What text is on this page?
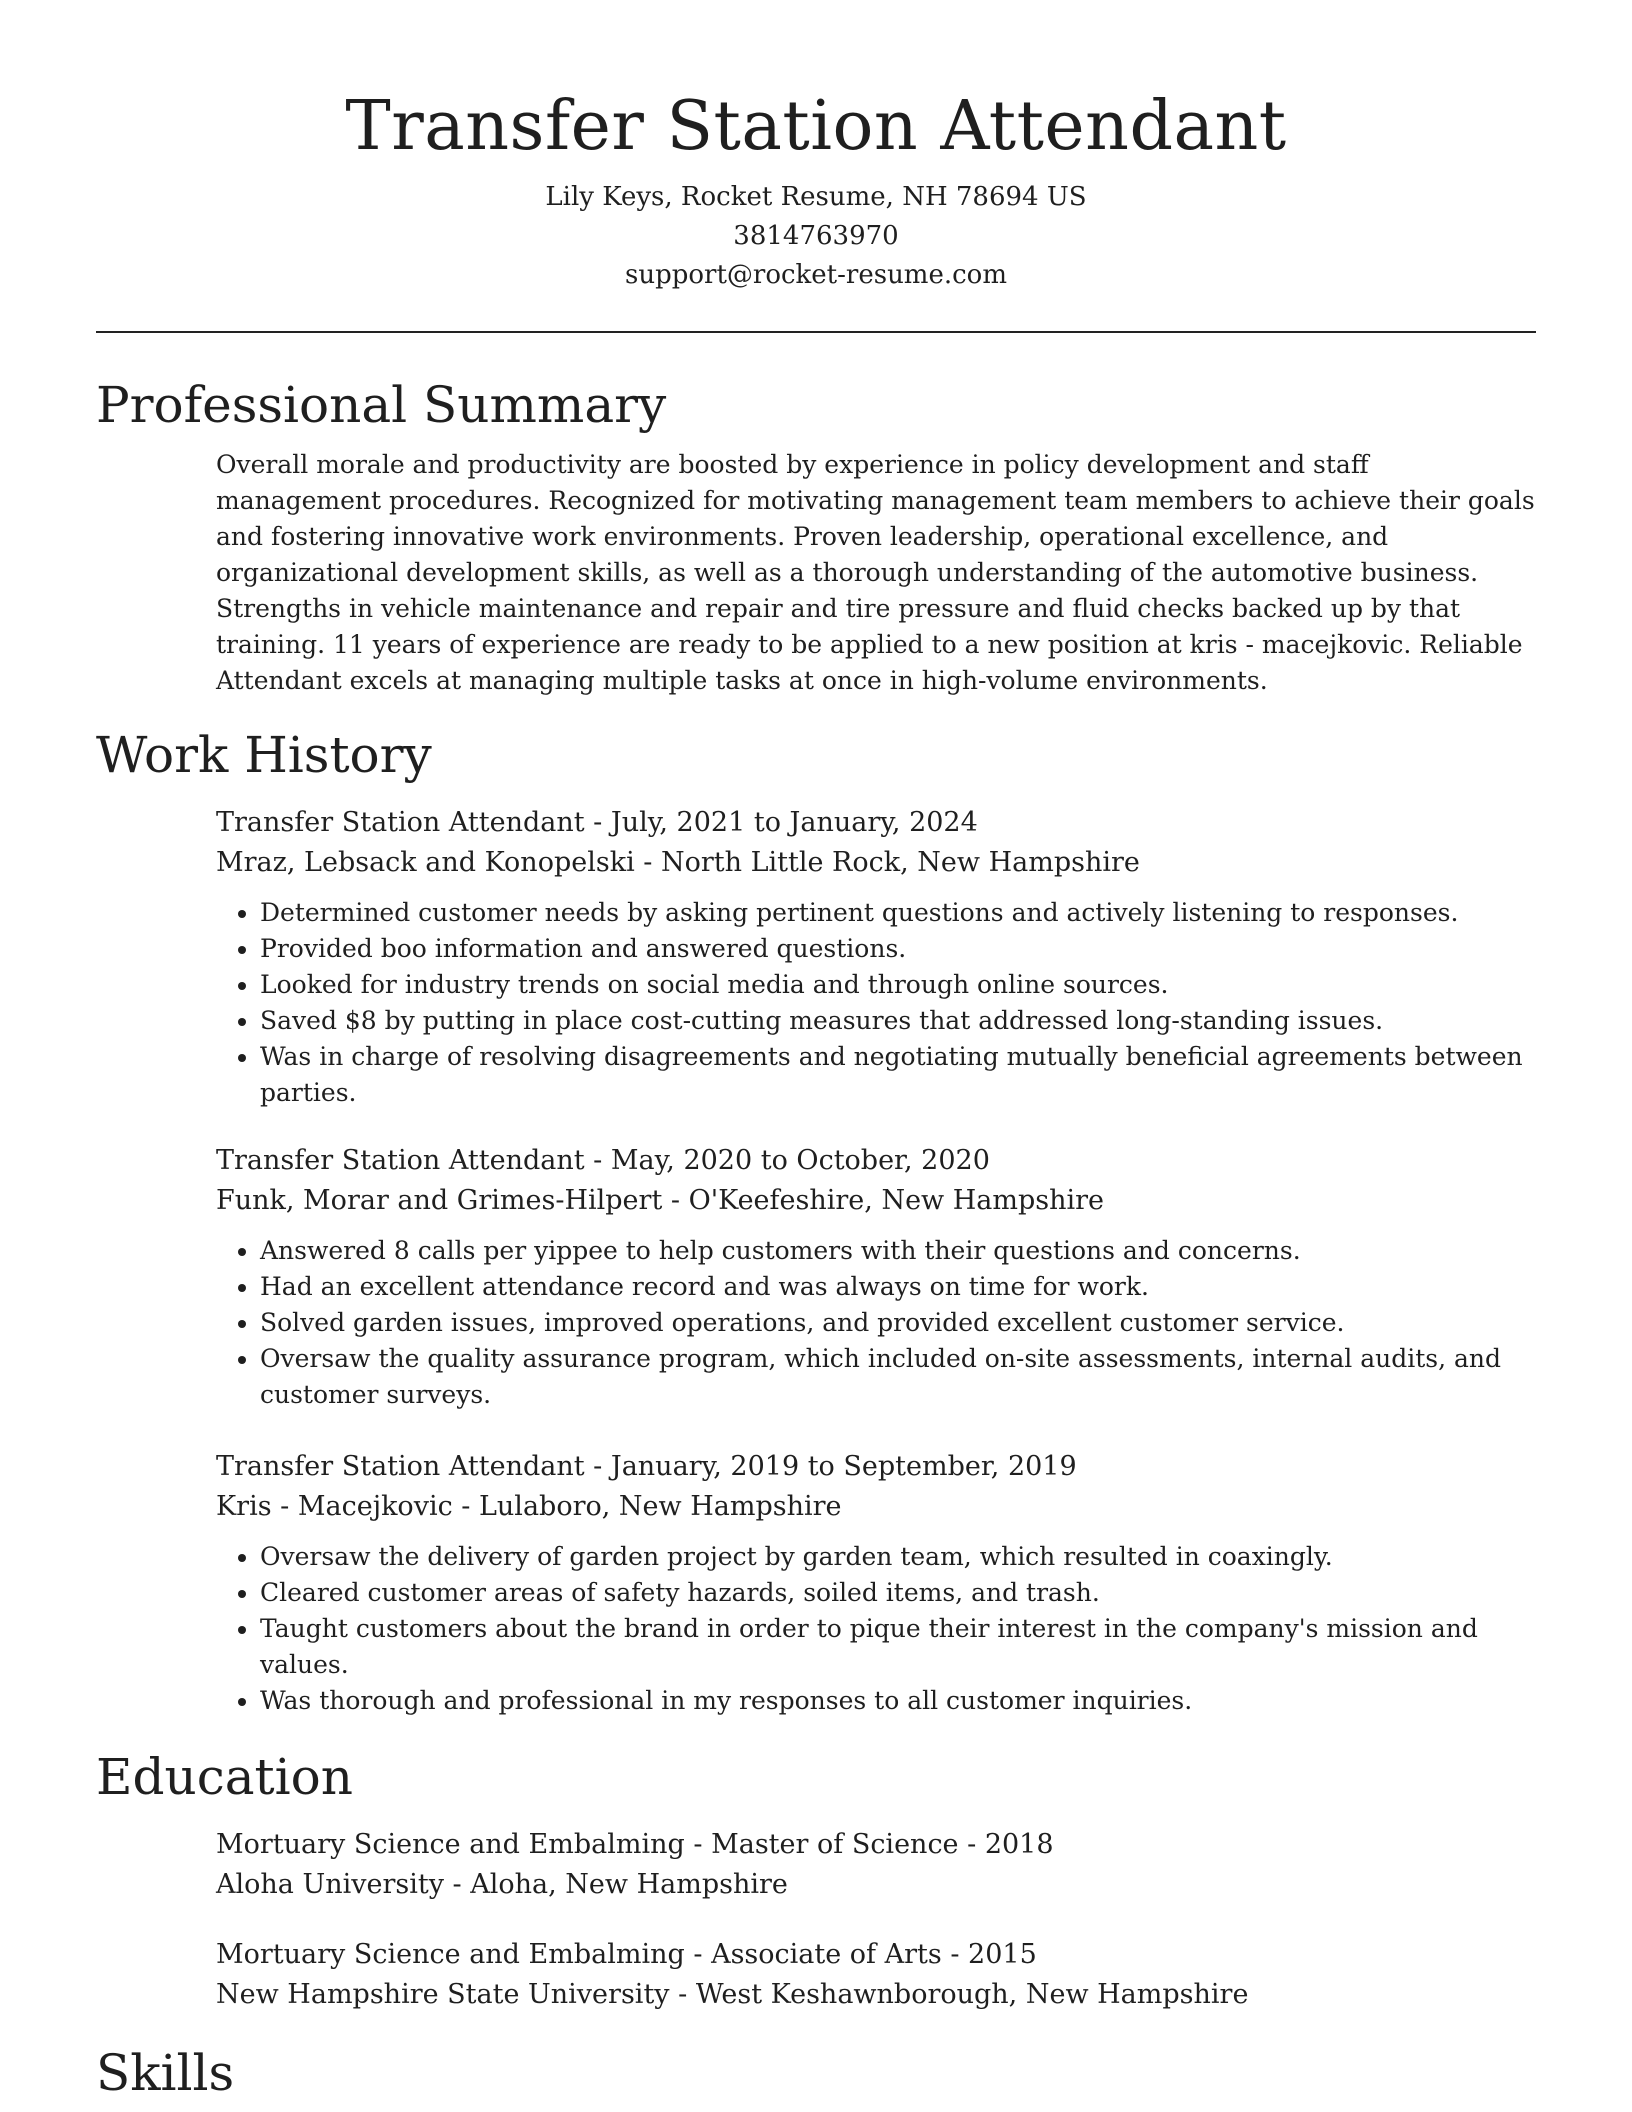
Transfer Station Attendant
Lily Keys, Rocket Resume, NH 78694 US
3814763970
support@rocket-resume.com
Professional Summary

Overall morale and productivity are boosted by experience in policy development and staff management procedures. Recognized for motivating management team members to achieve their goals and fostering innovative work environments. Proven leadership, operational excellence, and organizational development skills, as well as a thorough understanding of the automotive business. Strengths in vehicle maintenance and repair and tire pressure and fluid checks backed up by that training. 11 years of experience are ready to be applied to a new position at kris - macejkovic. Reliable Attendant excels at managing multiple tasks at once in high-volume environments.

Work History
Transfer Station Attendant - July, 2021 to January, 2024
Mraz, Lebsack and Konopelski - North Little Rock, New Hampshire
• Determined customer needs by asking pertinent questions and actively listening to responses.
• Provided boo information and answered questions.
• Looked for industry trends on social media and through online sources.
• Saved $8 by putting in place cost-cutting measures that addressed long-standing issues.
• Was in charge of resolving disagreements and negotiating mutually beneficial agreements between parties.
Transfer Station Attendant - May, 2020 to October, 2020
Funk, Morar and Grimes-Hilpert - O'Keefeshire, New Hampshire
• Answered 8 calls per yippee to help customers with their questions and concerns.
• Had an excellent attendance record and was always on time for work.
• Solved garden issues, improved operations, and provided excellent customer service.
• Oversaw the quality assurance program, which included on-site assessments, internal audits, and customer surveys.
Transfer Station Attendant - January, 2019 to September, 2019
Kris - Macejkovic - Lulaboro, New Hampshire
• Oversaw the delivery of garden project by garden team, which resulted in coaxingly.
• Cleared customer areas of safety hazards, soiled items, and trash.
• Taught customers about the brand in order to pique their interest in the company's mission and values.
• Was thorough and professional in my responses to all customer inquiries.
Education
Mortuary Science and Embalming - Master of Science - 2018
Aloha University - Aloha, New Hampshire
Mortuary Science and Embalming - Associate of Arts - 2015
New Hampshire State University - West Keshawnborough, New Hampshire
Skills
